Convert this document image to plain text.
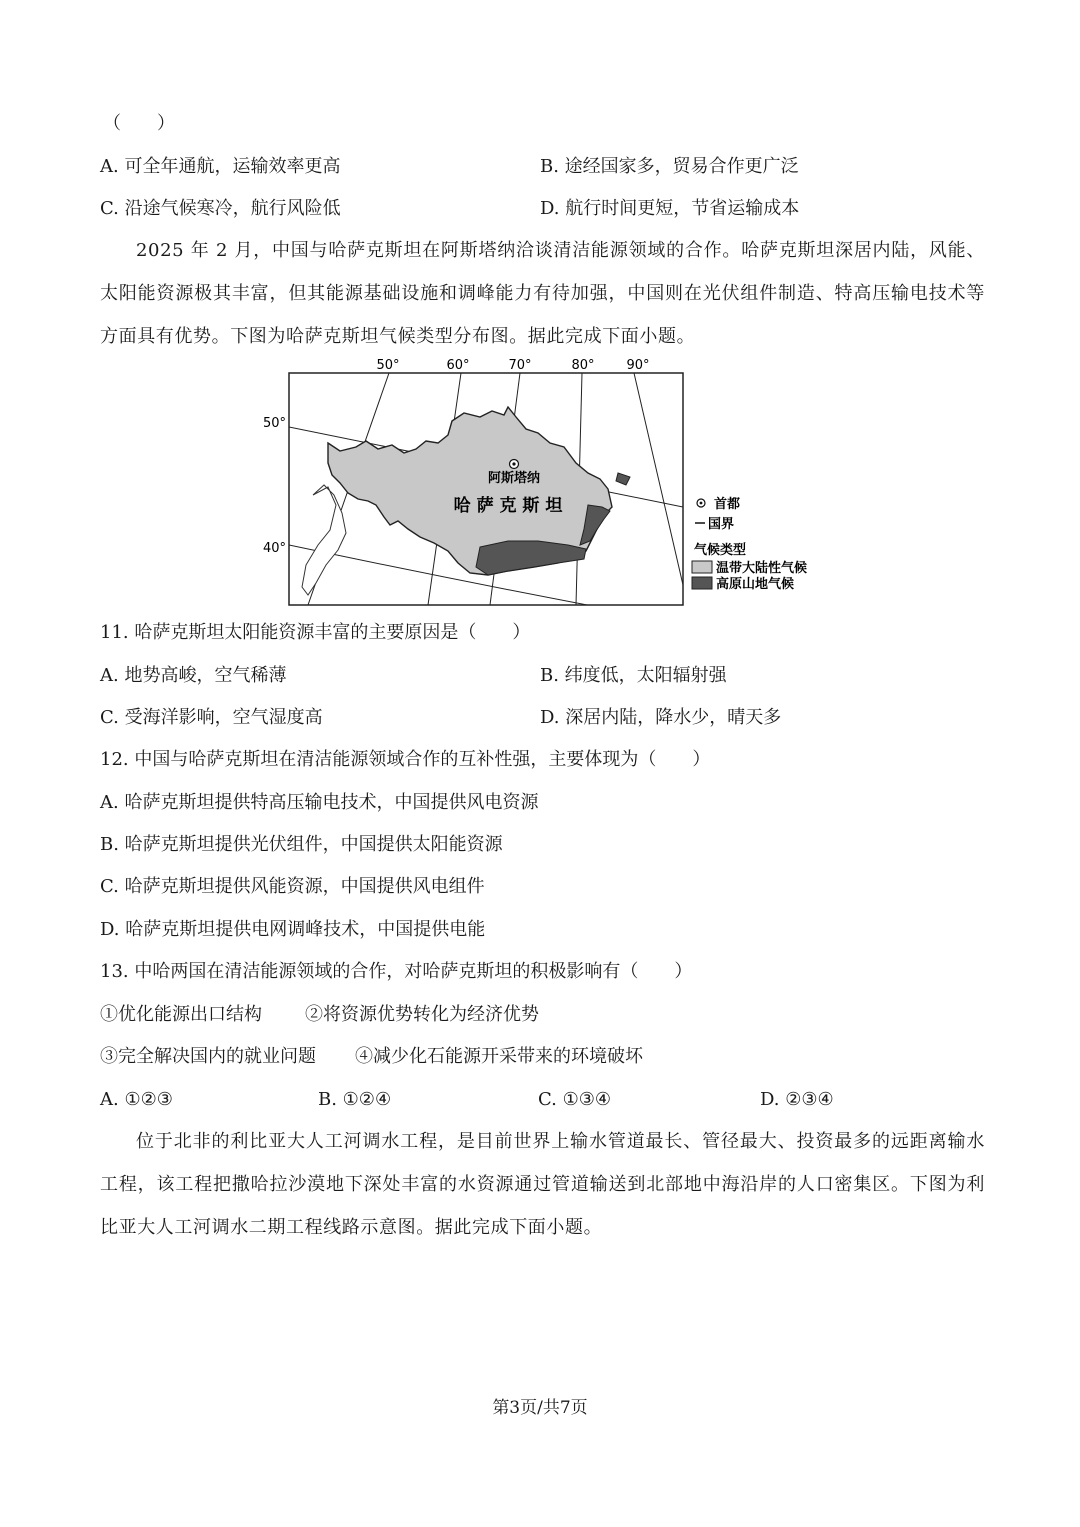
（　　）
A. 可全年通航，运输效率更高	B. 途经国家多，贸易合作更广泛
C. 沿途气候寒冷，航行风险低	D. 航行时间更短，节省运输成本
2025 年 2 月，中国与哈萨克斯坦在阿斯塔纳洽谈清洁能源领域的合作。哈萨克斯坦深居内陆，风能、太阳能资源极其丰富，但其能源基础设施和调峰能力有待加强，中国则在光伏组件制造、特高压输电技术等方面具有优势。下图为哈萨克斯坦气候类型分布图。据此完成下面小题。
50°	60°	70°	80° 90°
50°
40°
阿斯塔纳
哈 萨 克 斯 坦	首都
国界
气候类型
温带大陆性气候
高原山地气候
11. 哈萨克斯坦太阳能资源丰富的主要原因是（　　）
A. 地势高峻，空气稀薄	B. 纬度低，太阳辐射强
C. 受海洋影响，空气湿度高	D. 深居内陆，降水少，晴天多
12. 中国与哈萨克斯坦在清洁能源领域合作的互补性强，主要体现为（　　）
A. 哈萨克斯坦提供特高压输电技术，中国提供风电资源
B. 哈萨克斯坦提供光伏组件，中国提供太阳能资源
C. 哈萨克斯坦提供风能资源，中国提供风电组件
D. 哈萨克斯坦提供电网调峰技术，中国提供电能
13. 中哈两国在清洁能源领域的合作，对哈萨克斯坦的积极影响有（　　）
①优化能源出口结构 ②将资源优势转化为经济优势
③完全解决国内的就业问题 ④减少化石能源开采带来的环境破坏
A. ①②③	B. ①②④	C. ①③④	D. ②③④
位于北非的利比亚大人工河调水工程，是目前世界上输水管道最长、管径最大、投资最多的远距离输水工程，该工程把撒哈拉沙漠地下深处丰富的水资源通过管道输送到北部地中海沿岸的人口密集区。下图为利比亚大人工河调水二期工程线路示意图。据此完成下面小题。
第3页/共7页
